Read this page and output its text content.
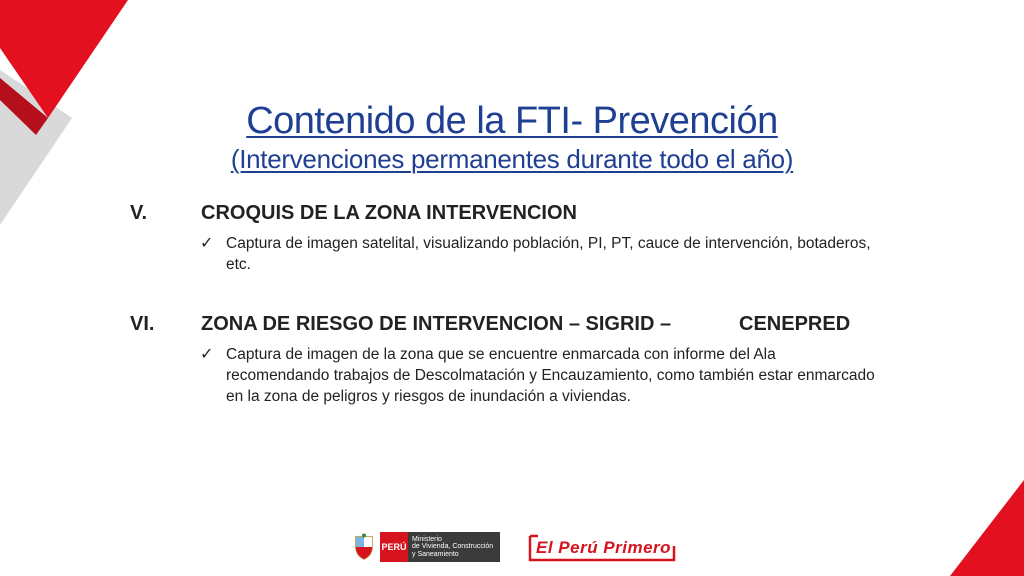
Contenido de la FTI- Prevención
(Intervenciones permanentes durante todo el año)
V.	CROQUIS DE LA ZONA INTERVENCION
✓ Captura de imagen satelital, visualizando población, PI, PT, cauce de intervención, botaderos, etc.
VI. ZONA DE RIESGO DE INTERVENCION – SIGRID –	CENEPRED
✓ Captura de imagen de la zona que se encuentre enmarcada con informe del Ala recomendando trabajos de Descolmatación y Encauzamiento, como también estar enmarcado en la zona de peligros y riesgos de inundación a viviendas.
PERÚ
Ministerio
de Vivienda, Construcción
y Saneamiento	El Perú Primero
